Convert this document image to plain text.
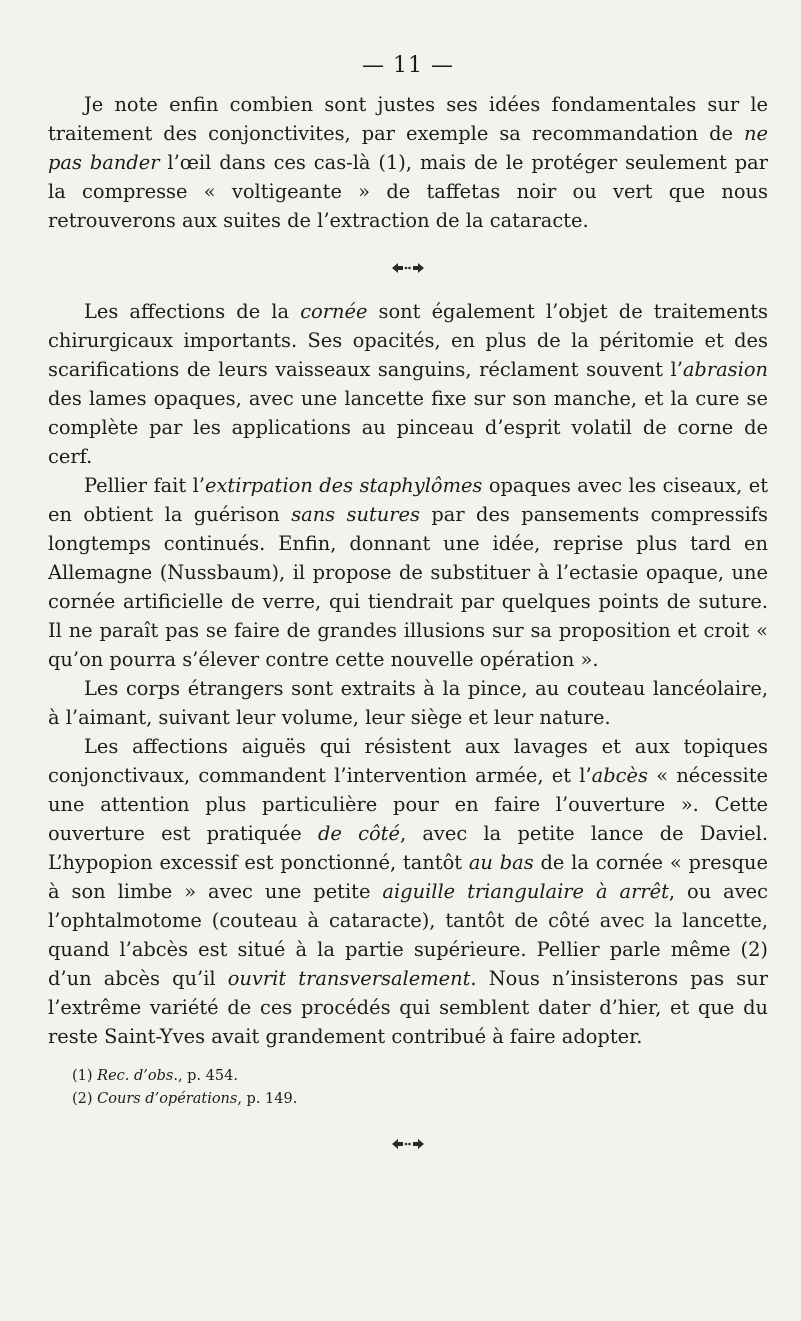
— 11 —

Je note enfin combien sont justes ses idées fondamentales sur le traitement des conjonctivites, par exemple sa recommandation de ne pas bander l’œil dans ces cas-là (1), mais de le protéger seulement par la compresse « voltigeante » de taffetas noir ou vert que nous retrouverons aux suites de l’extraction de la cataracte.

Les affections de la cornée sont également l’objet de traitements chirurgicaux importants. Ses opacités, en plus de la péritomie et des scarifications de leurs vaisseaux sanguins, réclament souvent l’abrasion des lames opaques, avec une lancette fixe sur son manche, et la cure se complète par les applications au pinceau d’esprit volatil de corne de cerf.

Pellier fait l’extirpation des staphylômes opaques avec les ciseaux, et en obtient la guérison sans sutures par des pansements compressifs longtemps continués. Enfin, donnant une idée, reprise plus tard en Allemagne (Nussbaum), il propose de substituer à l’ectasie opaque, une cornée artificielle de verre, qui tiendrait par quelques points de suture. Il ne paraît pas se faire de grandes illusions sur sa proposition et croit « qu’on pourra s’élever contre cette nouvelle opération ».

Les corps étrangers sont extraits à la pince, au couteau lancéolaire, à l’aimant, suivant leur volume, leur siège et leur nature.

Les affections aiguës qui résistent aux lavages et aux topiques conjonctivaux, commandent l’intervention armée, et l’abcès « nécessite une attention plus particulière pour en faire l’ouverture ». Cette ouverture est pratiquée de côté, avec la petite lance de Daviel. L’hypopion excessif est ponctionné, tantôt au bas de la cornée « presque à son limbe » avec une petite aiguille triangulaire à arrêt, ou avec l’ophtalmotome (couteau à cataracte), tantôt de côté avec la lancette, quand l’abcès est situé à la partie supérieure. Pellier parle même (2) d’un abcès qu’il ouvrit transversalement. Nous n’insisterons pas sur l’extrême variété de ces procédés qui semblent dater d’hier, et que du reste Saint-Yves avait grandement contribué à faire adopter.

(1) Rec. d’obs., p. 454.

(2) Cours d’opérations, p. 149.
